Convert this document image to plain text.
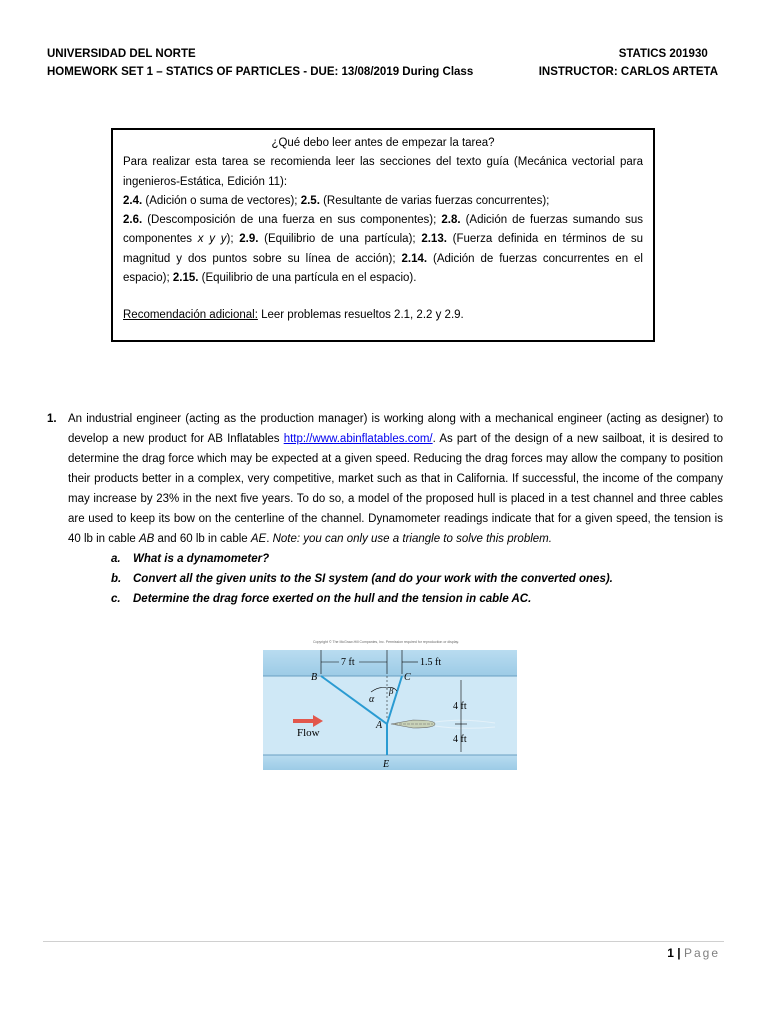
UNIVERSIDAD DEL NORTE
HOMEWORK SET 1 – STATICS OF PARTICLES - DUE: 13/08/2019 During Class
STATICS 201930
INSTRUCTOR: CARLOS ARTETA
¿Qué debo leer antes de empezar la tarea?

Para realizar esta tarea se recomienda leer las secciones del texto guía (Mecánica vectorial para ingenieros-Estática, Edición 11):

2.4. (Adición o suma de vectores); 2.5. (Resultante de varias fuerzas concurrentes);

2.6. (Descomposición de una fuerza en sus componentes); 2.8. (Adición de fuerzas sumando sus componentes x y y); 2.9. (Equilibrio de una partícula); 2.13. (Fuerza definida en términos de su magnitud y dos puntos sobre su línea de acción); 2.14. (Adición de fuerzas concurrentes en el espacio); 2.15. (Equilibrio de una partícula en el espacio).

Recomendación adicional: Leer problemas resueltos 2.1, 2.2 y 2.9.

1. An industrial engineer (acting as the production manager) is working along with a mechanical engineer (acting as designer) to develop a new product for AB Inflatables http://www.abinflatables.com/. As part of the design of a new sailboat, it is desired to determine the drag force which may be expected at a given speed. Reducing the drag forces may allow the company to position their products better in a complex, very competitive, market such as that in California. If successful, the income of the company may increase by 23% in the next five years. To do so, a model of the proposed hull is placed in a test channel and three cables are used to keep its bow on the centerline of the channel. Dynamometer readings indicate that for a given speed, the tension is 40 lb in cable AB and 60 lb in cable AE. Note: you can only use a triangle to solve this problem.
a. What is a dynamometer?
b. Convert all the given units to the SI system (and do your work with the converted ones).
c. Determine the drag force exerted on the hull and the tension in cable AC.
Copyright © The McGraw-Hill Companies, Inc. Permission required for reproduction or display.
7 ft	1.5 ft
Flow
4 ft
4 ft
B	C
A
E
α
β
1 | Page
